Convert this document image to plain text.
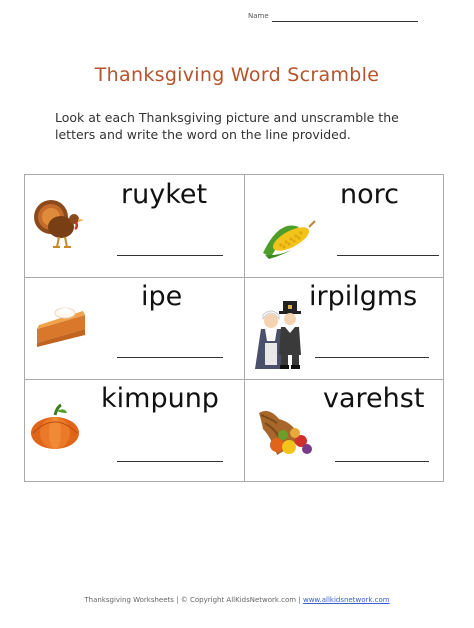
Name
Thanksgiving Word Scramble
Look at each Thanksgiving picture and unscramble the letters and write the word on the line provided.
ruyket	norc
ipe	irpilgms
kimpunp	varehst
Thanksgiving Worksheets | © Copyright AllKidsNetwork.com | www.allkidsnetwork.com
